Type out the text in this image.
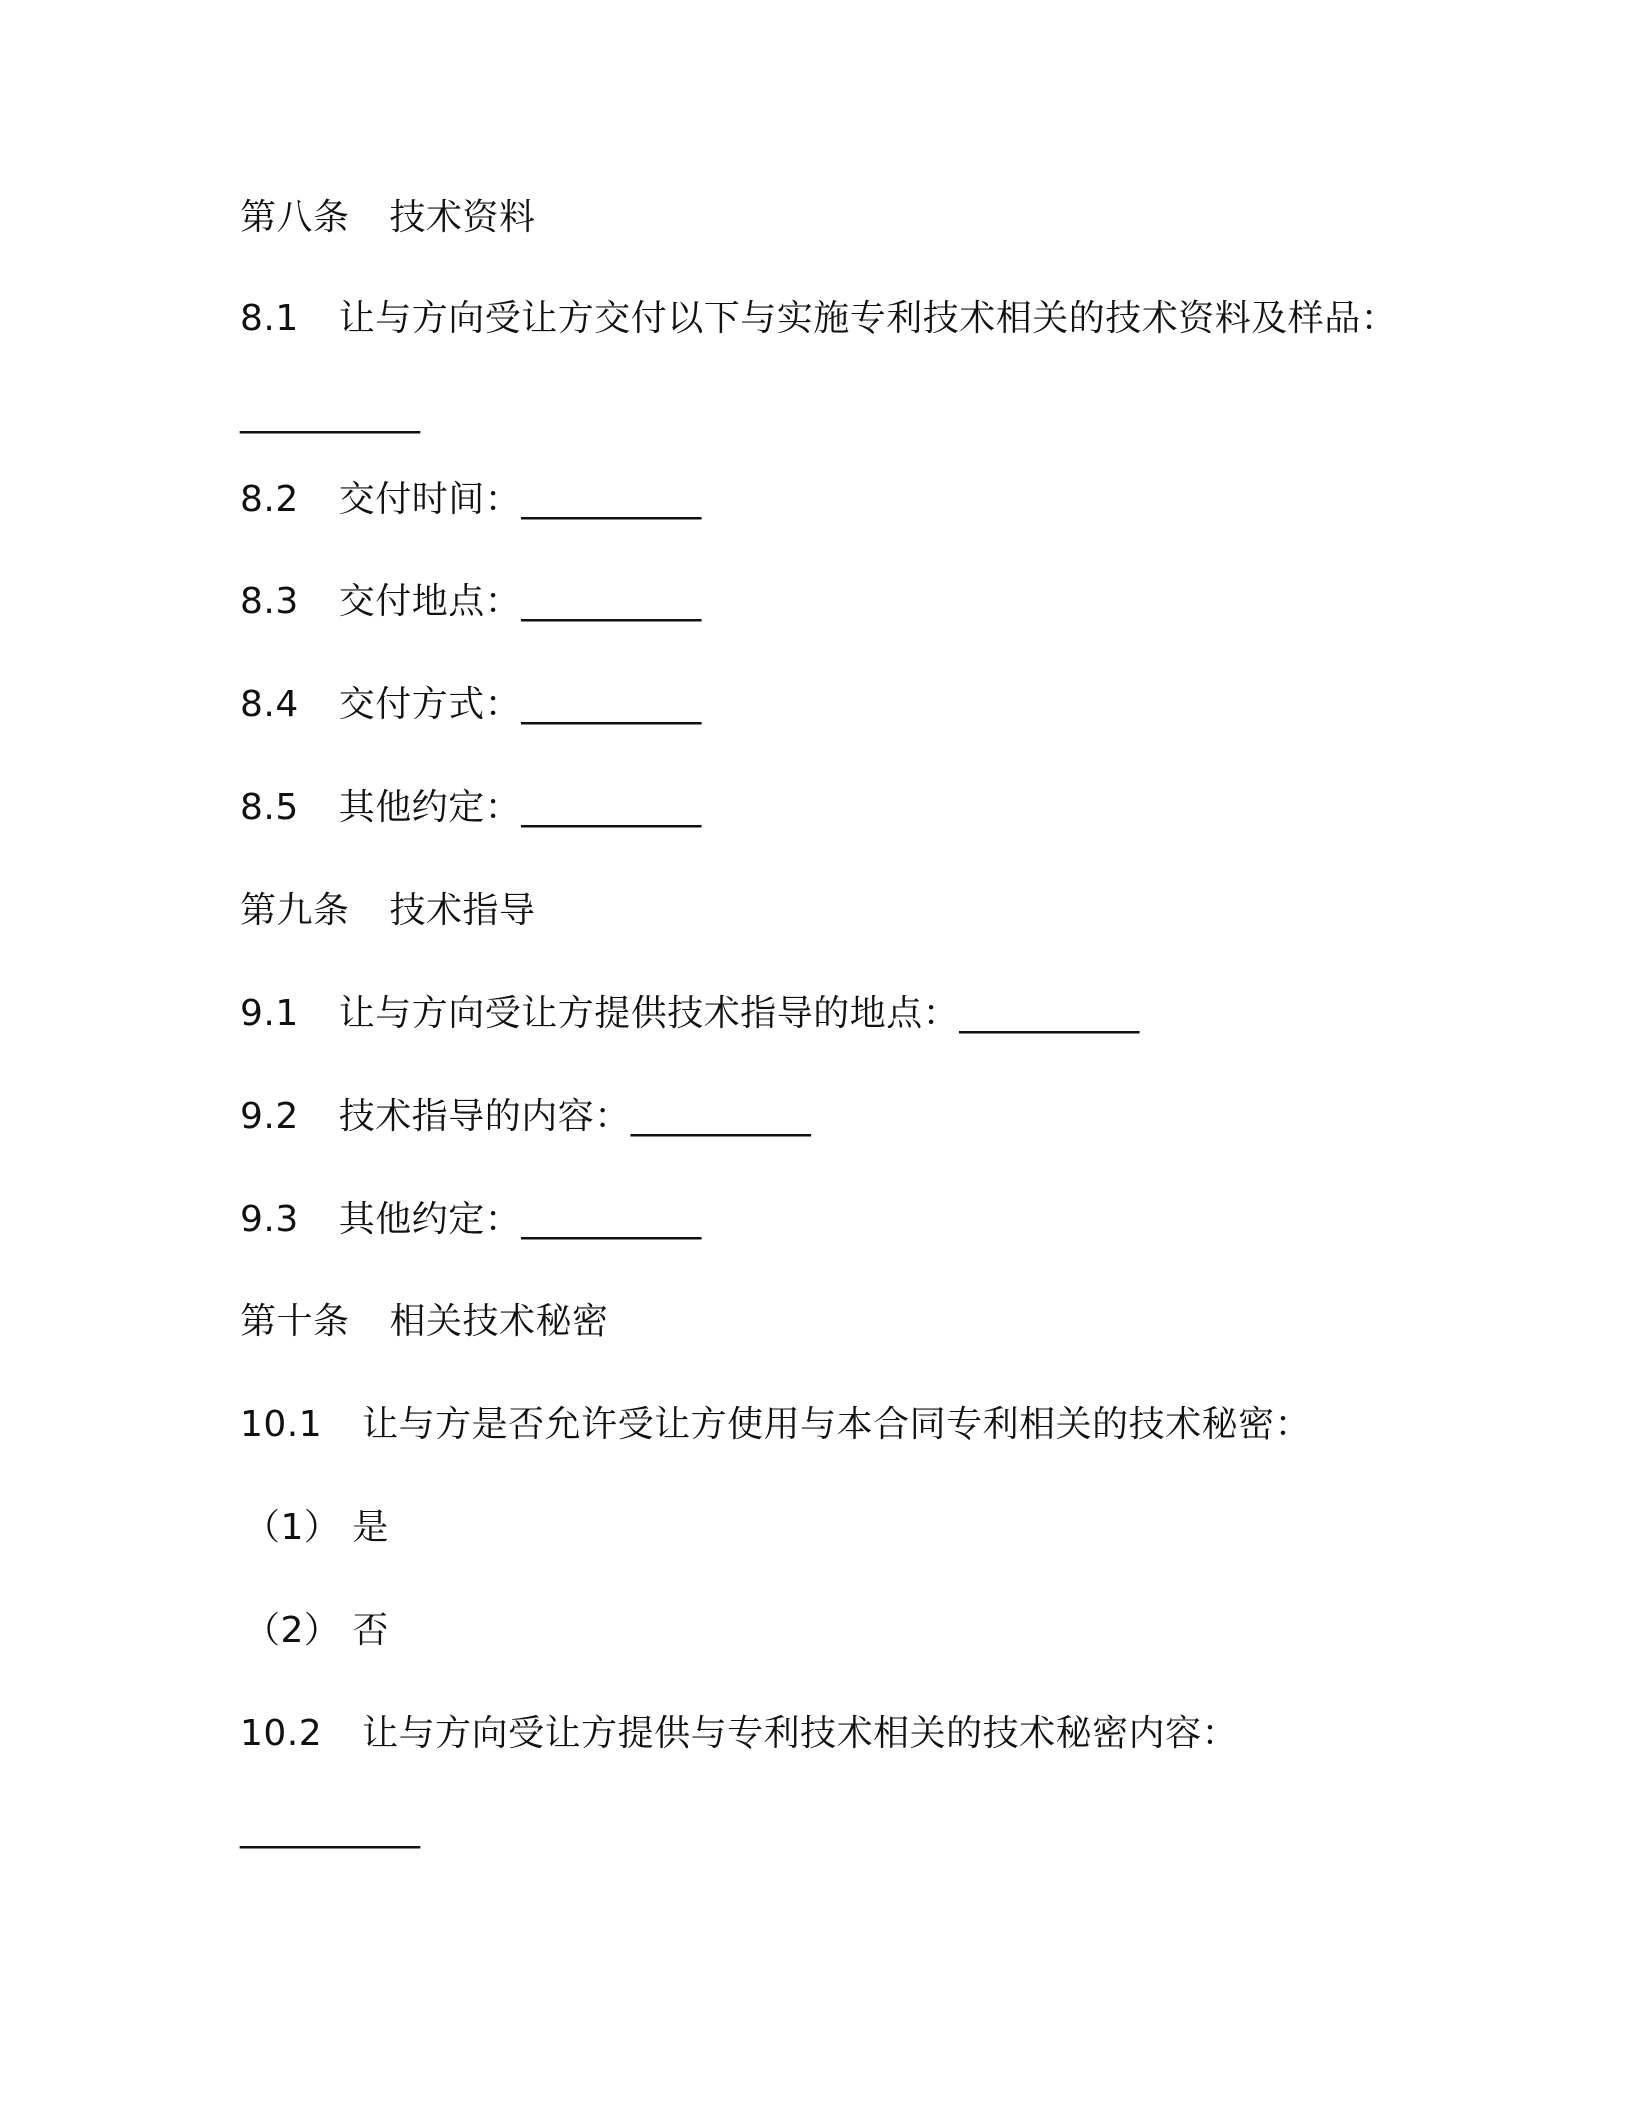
第八条 技术资料
8.1 让与方向受让方交付以下与实施专利技术相关的技术资料及样品：
__________
8.2 交付时间：__________
8.3 交付地点：__________
8.4 交付方式：__________
8.5 其他约定：__________
第九条 技术指导
9.1 让与方向受让方提供技术指导的地点：__________
9.2 技术指导的内容：__________
9.3 其他约定：__________
第十条 相关技术秘密
10.1 让与方是否允许受让方使用与本合同专利相关的技术秘密：
（1） 是
（2） 否
10.2 让与方向受让方提供与专利技术相关的技术秘密内容：
__________
